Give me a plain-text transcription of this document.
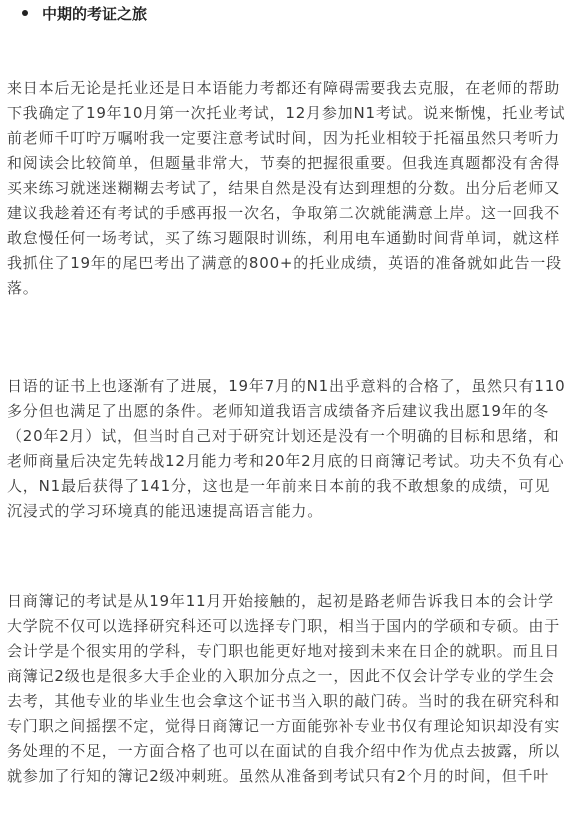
中期的考证之旅
来日本后无论是托业还是日本语能力考都还有障碍需要我去克服，在老师的帮助
下我确定了19年10月第一次托业考试，12月参加N1考试。说来惭愧，托业考试
前老师千叮咛万嘱咐我一定要注意考试时间，因为托业相较于托福虽然只考听力
和阅读会比较简单，但题量非常大，节奏的把握很重要。但我连真题都没有舍得
买来练习就迷迷糊糊去考试了，结果自然是没有达到理想的分数。出分后老师又
建议我趁着还有考试的手感再报一次名，争取第二次就能满意上岸。这一回我不
敢怠慢任何一场考试，买了练习题限时训练，利用电车通勤时间背单词，就这样
我抓住了19年的尾巴考出了满意的800+的托业成绩，英语的准备就如此告一段
落。
日语的证书上也逐渐有了进展，19年7月的N1出乎意料的合格了，虽然只有110
多分但也满足了出愿的条件。老师知道我语言成绩备齐后建议我出愿19年的冬
（20年2月）试，但当时自己对于研究计划还是没有一个明确的目标和思绪，和
老师商量后决定先转战12月能力考和20年2月底的日商簿记考试。功夫不负有心
人，N1最后获得了141分，这也是一年前来日本前的我不敢想象的成绩，可见
沉浸式的学习环境真的能迅速提高语言能力。
日商簿记的考试是从19年11月开始接触的，起初是路老师告诉我日本的会计学
大学院不仅可以选择研究科还可以选择专门职，相当于国内的学硕和专硕。由于
会计学是个很实用的学科，专门职也能更好地对接到未来在日企的就职。而且日
商簿记2级也是很多大手企业的入职加分点之一，因此不仅会计学专业的学生会
去考，其他专业的毕业生也会拿这个证书当入职的敲门砖。当时的我在研究科和
专门职之间摇摆不定，觉得日商簿记一方面能弥补专业书仅有理论知识却没有实
务处理的不足，一方面合格了也可以在面试的自我介绍中作为优点去披露，所以
就参加了行知的簿记2级冲刺班。虽然从准备到考试只有2个月的时间，但千叶
